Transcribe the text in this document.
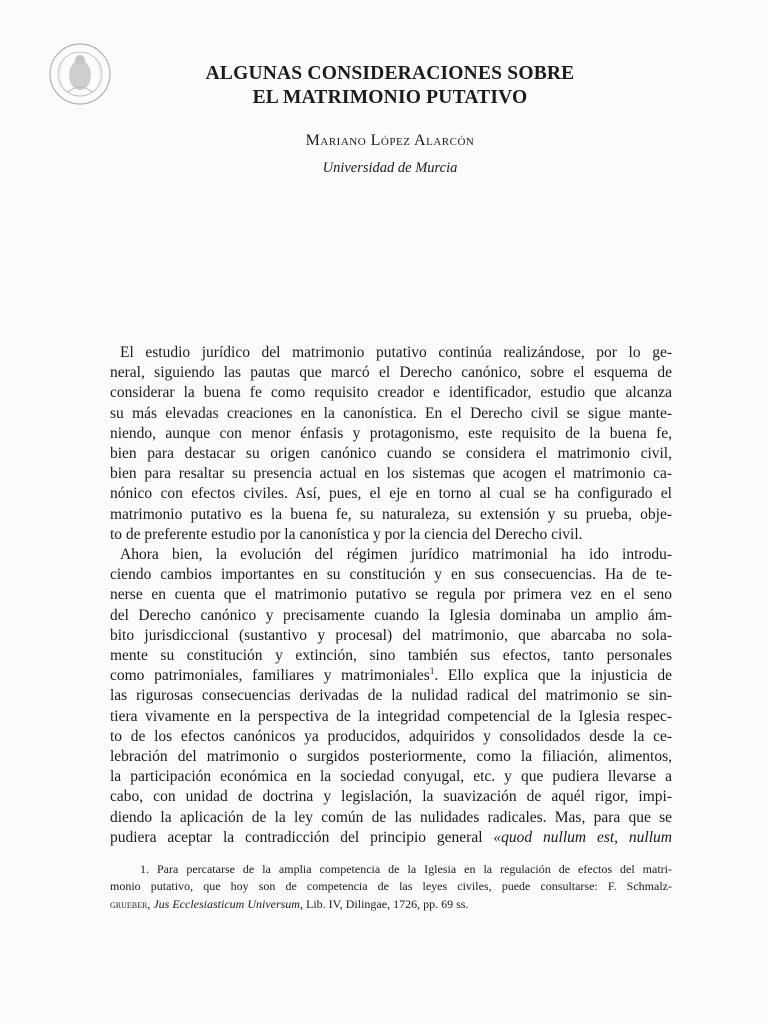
ALGUNAS CONSIDERACIONES SOBRE
EL MATRIMONIO PUTATIVO
Mariano López Alarcón
Universidad de Murcia

El estudio jurídico del matrimonio putativo continúa realizándose, por lo ge-
neral, siguiendo las pautas que marcó el Derecho canónico, sobre el esquema de
considerar la buena fe como requisito creador e identificador, estudio que alcanza
su más elevadas creaciones en la canonística. En el Derecho civil se sigue mante-
niendo, aunque con menor énfasis y protagonismo, este requisito de la buena fe,
bien para destacar su origen canónico cuando se considera el matrimonio civil,
bien para resaltar su presencia actual en los sistemas que acogen el matrimonio ca-
nónico con efectos civiles. Así, pues, el eje en torno al cual se ha configurado el
matrimonio putativo es la buena fe, su naturaleza, su extensión y su prueba, obje-
to de preferente estudio por la canonística y por la ciencia del Derecho civil.

Ahora bien, la evolución del régimen jurídico matrimonial ha ido introdu-
ciendo cambios importantes en su constitución y en sus consecuencias. Ha de te-
nerse en cuenta que el matrimonio putativo se regula por primera vez en el seno
del Derecho canónico y precisamente cuando la Iglesia dominaba un amplio ám-
bito jurisdiccional (sustantivo y procesal) del matrimonio, que abarcaba no sola-
mente su constitución y extinción, sino también sus efectos, tanto personales
como patrimoniales, familiares y matrimoniales$^1$. Ello explica que la injusticia de
las rigurosas consecuencias derivadas de la nulidad radical del matrimonio se sin-
tiera vivamente en la perspectiva de la integridad competencial de la Iglesia respec-
to de los efectos canónicos ya producidos, adquiridos y consolidados desde la ce-
lebración del matrimonio o surgidos posteriormente, como la filiación, alimentos,
la participación económica en la sociedad conyugal, etc. y que pudiera llevarse a
cabo, con unidad de doctrina y legislación, la suavización de aquél rigor, impi-
diendo la aplicación de la ley común de las nulidades radicales. Mas, para que se
pudiera aceptar la contradicción del principio general «quod nullum est, nullum

1. Para percatarse de la amplia competencia de la Iglesia en la regulación de efectos del matri-
monio putativo, que hoy son de competencia de las leyes civiles, puede consultarse: F. Schmalz-
grueber, Jus Ecclesiasticum Universum, Lib. IV, Dilingae, 1726, pp. 69 ss.
